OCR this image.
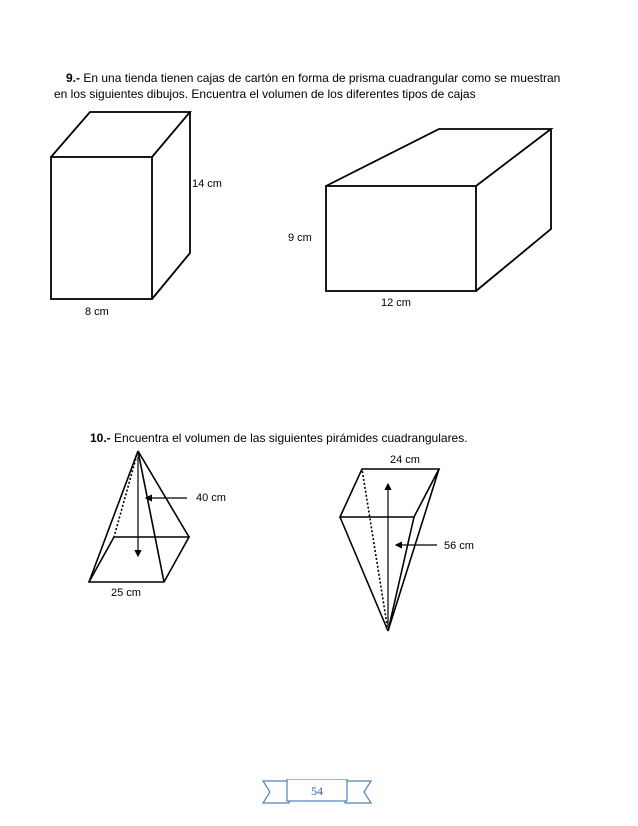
9.- En una tienda tienen cajas de cartón en forma de prisma cuadrangular como se muestran
en los siguientes dibujos. Encuentra el volumen de los diferentes tipos de cajas
14 cm
8 cm
9 cm
12 cm
10.- Encuentra el volumen de las siguientes pirámides cuadrangulares.
40 cm
25 cm
24 cm
56 cm
54
